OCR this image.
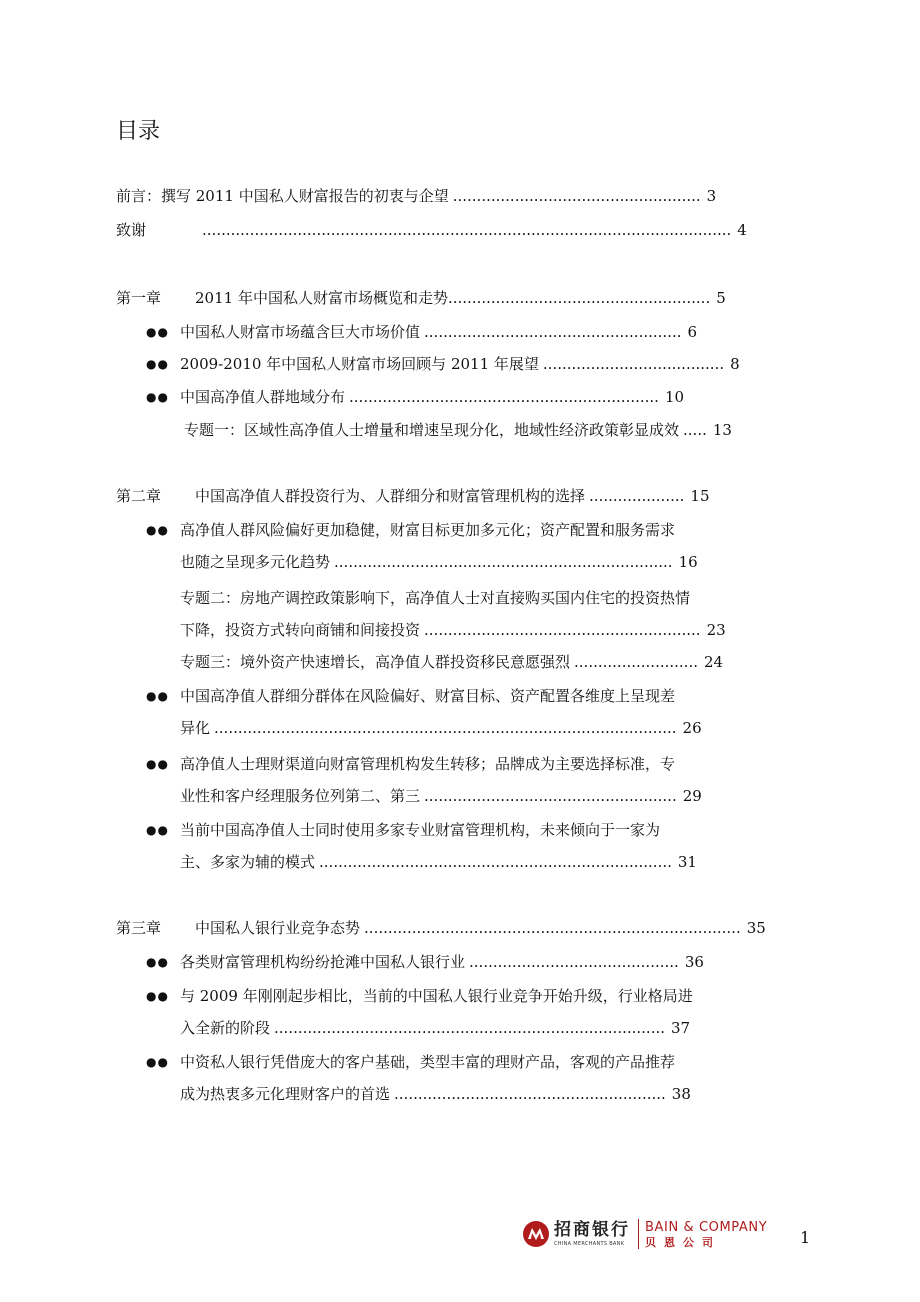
目录
前言：撰写 2011 中国私人财富报告的初衷与企望 .................................................... 3
致谢	............................................................................................................... 4
第一章 2011 年中国私人财富市场概览和走势 ....................................................... 5
●● 中国私人财富市场蕴含巨大市场价值 ...................................................... 6
●● 2009-2010 年中国私人财富市场回顾与 2011 年展望 ...................................... 8
●● 中国高净值人群地域分布 ................................................................. 10
专题一：区域性高净值人士增量和增速呈现分化，地域性经济政策彰显成效 ..... 13
第二章 中国高净值人群投资行为、人群细分和财富管理机构的选择 .................... 15
●● 高净值人群风险偏好更加稳健，财富目标更加多元化；资产配置和服务需求
也随之呈现多元化趋势 ....................................................................... 16
专题二：房地产调控政策影响下，高净值人士对直接购买国内住宅的投资热情
下降，投资方式转向商铺和间接投资 .......................................................... 23
专题三：境外资产快速增长，高净值人群投资移民意愿强烈 .......................... 24
●● 中国高净值人群细分群体在风险偏好、财富目标、资产配置各维度上呈现差
异化 ................................................................................................. 26
●● 高净值人士理财渠道向财富管理机构发生转移；品牌成为主要选择标准，专
业性和客户经理服务位列第二、第三 ..................................................... 29
●● 当前中国高净值人士同时使用多家专业财富管理机构，未来倾向于一家为
主、多家为辅的模式 .......................................................................... 31
第三章 中国私人银行业竞争态势 ............................................................................... 35
●● 各类财富管理机构纷纷抢滩中国私人银行业 ............................................ 36
●● 与 2009 年刚刚起步相比，当前的中国私人银行业竞争开始升级，行业格局进
入全新的阶段 .................................................................................. 37
●● 中资私人银行凭借庞大的客户基础，类型丰富的理财产品，客观的产品推荐
成为热衷多元化理财客户的首选 ......................................................... 38
招商银行
CHINA MERCHANTS BANK
BAIN & COMPANY
贝恩公司	1
